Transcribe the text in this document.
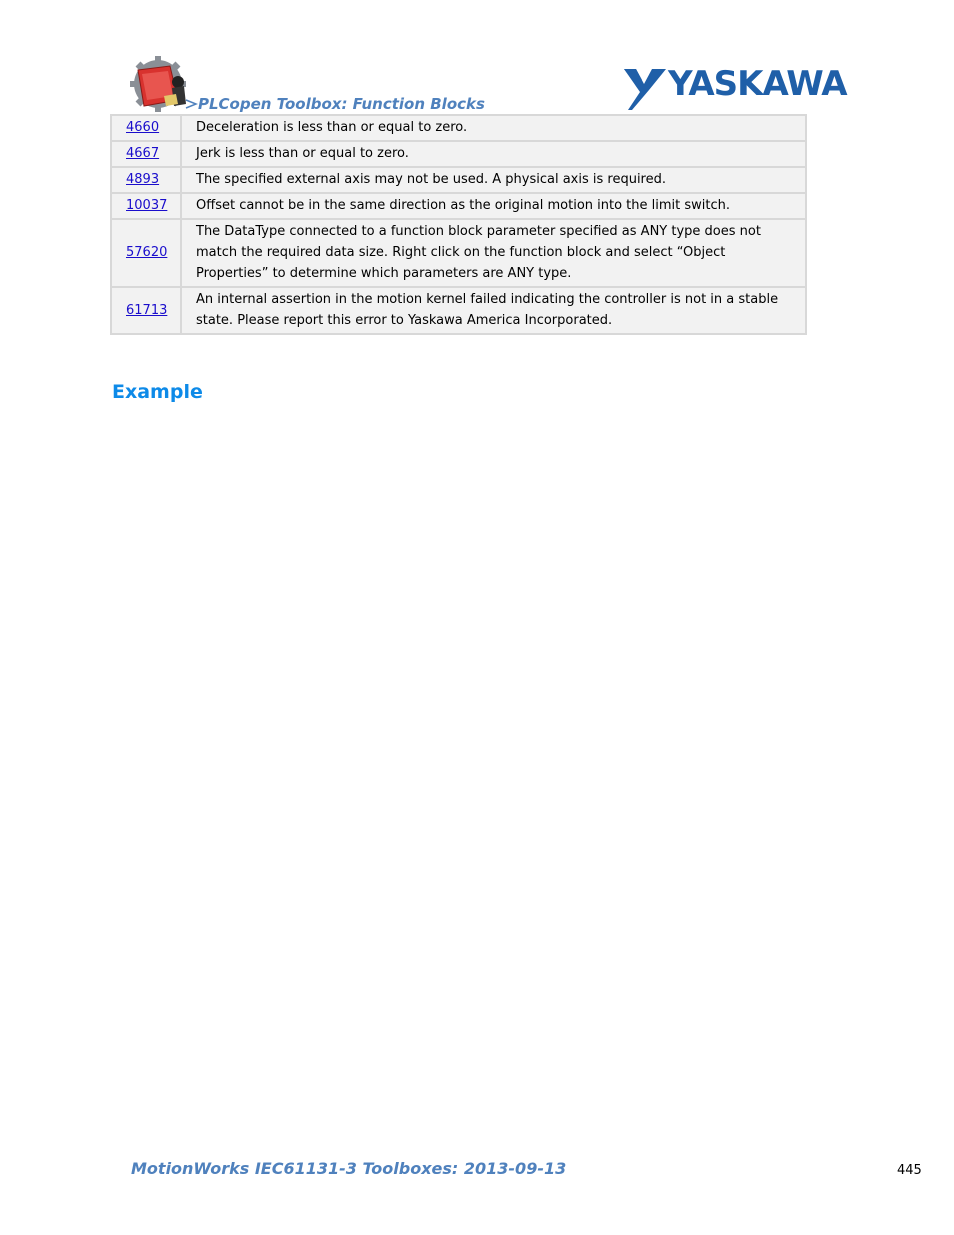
PLCopen Toolbox: Function Blocks	YASKAWA
4660	Deceleration is less than or equal to zero.
4667	Jerk is less than or equal to zero.
4893	The specified external axis may not be used. A physical axis is required.
10037	Offset cannot be in the same direction as the original motion into the limit switch.
57620	The DataType connected to a function block parameter specified as ANY type does not match the required data size. Right click on the function block and select “Object Properties” to determine which parameters are ANY type.
61713	An internal assertion in the motion kernel failed indicating the controller is not in a stable state. Please report this error to Yaskawa America Incorporated.
Example
MotionWorks IEC61131-3 Toolboxes: 2013-09-13	445
